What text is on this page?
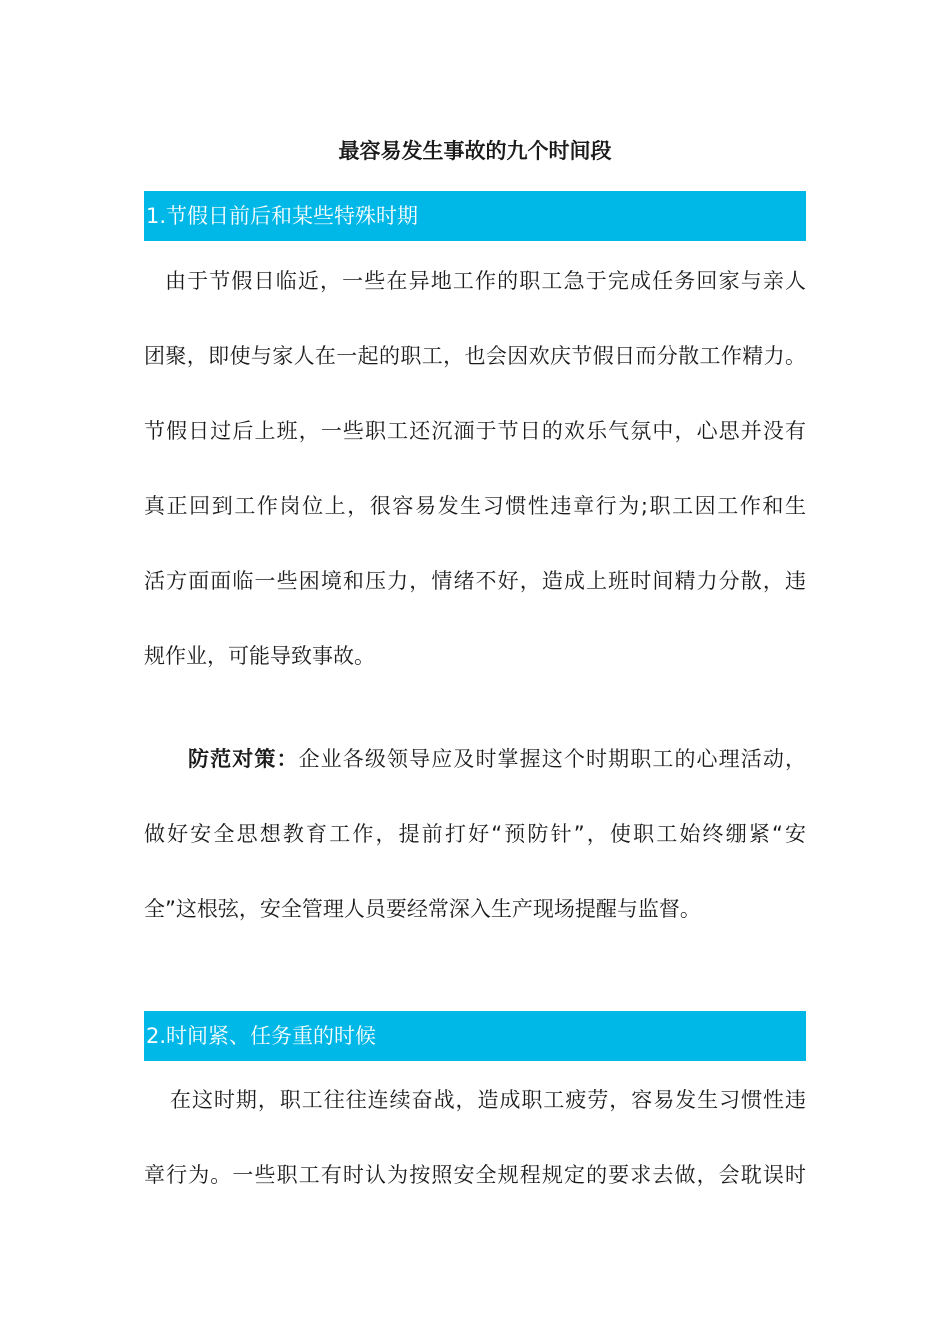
最容易发生事故的九个时间段
1.节假日前后和某些特殊时期

由于节假日临近，一些在异地工作的职工急于完成任务回家与亲人
团聚，即使与家人在一起的职工，也会因欢庆节假日而分散工作精力。
节假日过后上班，一些职工还沉湎于节日的欢乐气氛中，心思并没有
真正回到工作岗位上，很容易发生习惯性违章行为;职工因工作和生
活方面面临一些困境和压力，情绪不好，造成上班时间精力分散，违
规作业，可能导致事故。

防范对策：企业各级领导应及时掌握这个时期职工的心理活动，
做好安全思想教育工作，提前打好“预防针”，使职工始终绷紧“安
全”这根弦，安全管理人员要经常深入生产现场提醒与监督。

2.时间紧、任务重的时候

在这时期，职工往往连续奋战，造成职工疲劳，容易发生习惯性违
章行为。一些职工有时认为按照安全规程规定的要求去做，会耽误时
